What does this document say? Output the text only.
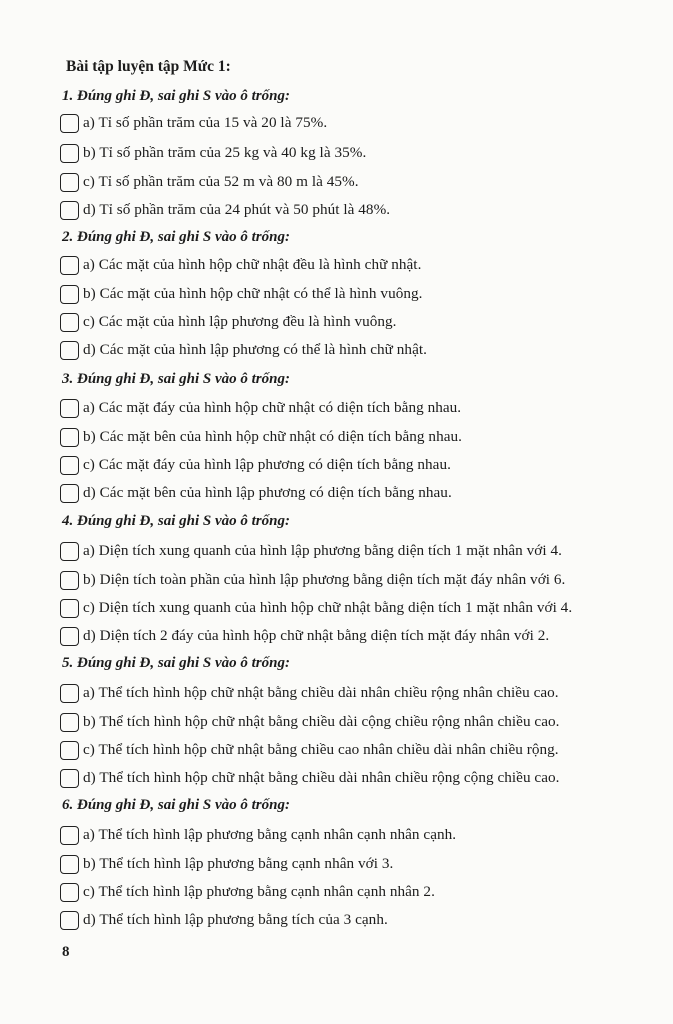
Bài tập luyện tập Mức 1:
1. Đúng ghi Đ, sai ghi S vào ô trống:
a) Tỉ số phần trăm của 15 và 20 là 75%.
b) Tỉ số phần trăm của 25 kg và 40 kg là 35%.
c) Tỉ số phần trăm của 52 m và 80 m là 45%.
d) Tỉ số phần trăm của 24 phút và 50 phút là 48%.
2. Đúng ghi Đ, sai ghi S vào ô trống:
a) Các mặt của hình hộp chữ nhật đều là hình chữ nhật.
b) Các mặt của hình hộp chữ nhật có thể là hình vuông.
c) Các mặt của hình lập phương đều là hình vuông.
d) Các mặt của hình lập phương có thể là hình chữ nhật.
3. Đúng ghi Đ, sai ghi S vào ô trống:
a) Các mặt đáy của hình hộp chữ nhật có diện tích bằng nhau.
b) Các mặt bên của hình hộp chữ nhật có diện tích bằng nhau.
c) Các mặt đáy của hình lập phương có diện tích bằng nhau.
d) Các mặt bên của hình lập phương có diện tích bằng nhau.
4. Đúng ghi Đ, sai ghi S vào ô trống:
a) Diện tích xung quanh của hình lập phương bằng diện tích 1 mặt nhân với 4.
b) Diện tích toàn phần của hình lập phương bằng diện tích mặt đáy nhân với 6.
c) Diện tích xung quanh của hình hộp chữ nhật bằng diện tích 1 mặt nhân với 4.
d) Diện tích 2 đáy của hình hộp chữ nhật bằng diện tích mặt đáy nhân với 2.
5. Đúng ghi Đ, sai ghi S vào ô trống:
a) Thể tích hình hộp chữ nhật bằng chiều dài nhân chiều rộng nhân chiều cao.
b) Thể tích hình hộp chữ nhật bằng chiều dài cộng chiều rộng nhân chiều cao.
c) Thể tích hình hộp chữ nhật bằng chiều cao nhân chiều dài nhân chiều rộng.
d) Thể tích hình hộp chữ nhật bằng chiều dài nhân chiều rộng cộng chiều cao.
6. Đúng ghi Đ, sai ghi S vào ô trống:
a) Thể tích hình lập phương bằng cạnh nhân cạnh nhân cạnh.
b) Thể tích hình lập phương bằng cạnh nhân với 3.
c) Thể tích hình lập phương bằng cạnh nhân cạnh nhân 2.
d) Thể tích hình lập phương bằng tích của 3 cạnh.
8
